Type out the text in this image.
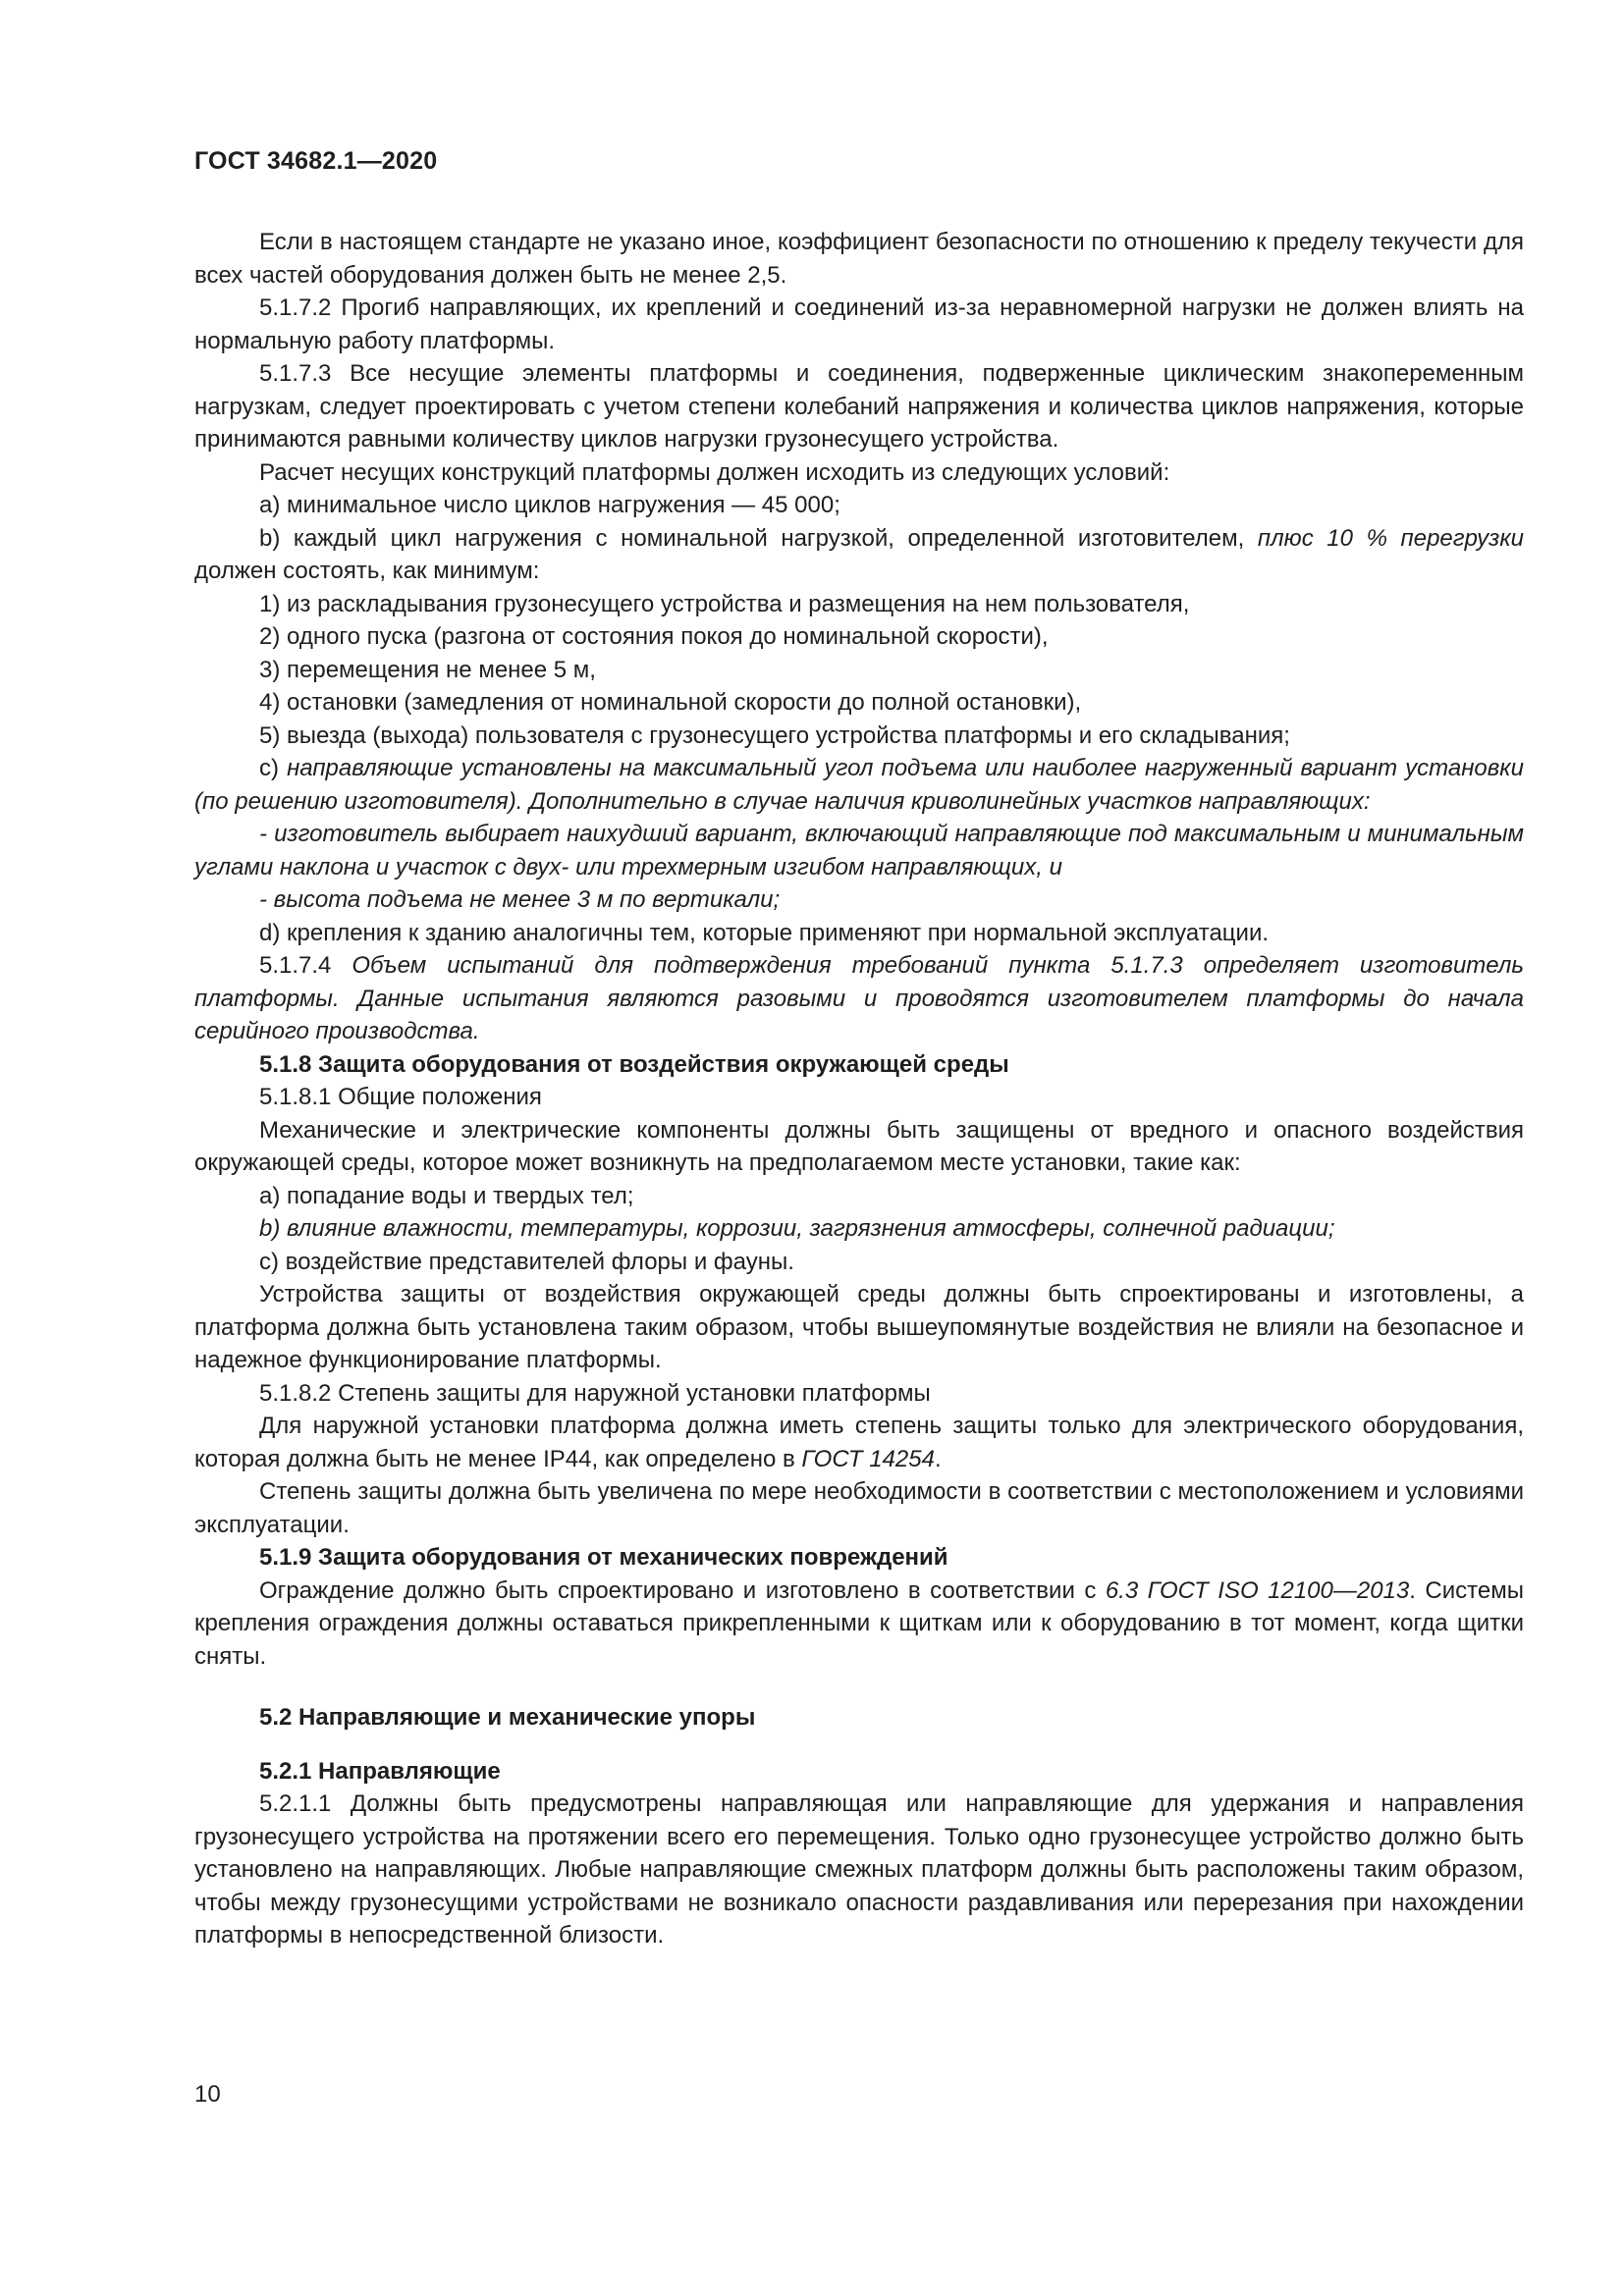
ГОСТ 34682.1—2020

Если в настоящем стандарте не указано иное, коэффициент безопасности по отношению к пределу текучести для всех частей оборудования должен быть не менее 2,5.

5.1.7.2 Прогиб направляющих, их креплений и соединений из-за неравномерной нагрузки не должен влиять на нормальную работу платформы.

5.1.7.3 Все несущие элементы платформы и соединения, подверженные циклическим знакопеременным нагрузкам, следует проектировать с учетом степени колебаний напряжения и количества циклов напряжения, которые принимаются равными количеству циклов нагрузки грузонесущего устройства.

Расчет несущих конструкций платформы должен исходить из следующих условий:

a) минимальное число циклов нагружения — 45 000;

b) каждый цикл нагружения с номинальной нагрузкой, определенной изготовителем, плюс 10 % перегрузки должен состоять, как минимум:

1) из раскладывания грузонесущего устройства и размещения на нем пользователя,

2) одного пуска (разгона от состояния покоя до номинальной скорости),

3) перемещения не менее 5 м,

4) остановки (замедления от номинальной скорости до полной остановки),

5) выезда (выхода) пользователя с грузонесущего устройства платформы и его складывания;

c) направляющие установлены на максимальный угол подъема или наиболее нагруженный вариант установки (по решению изготовителя). Дополнительно в случае наличия криволинейных участков направляющих:

- изготовитель выбирает наихудший вариант, включающий направляющие под максимальным и минимальным углами наклона и участок с двух- или трехмерным изгибом направляющих, и

- высота подъема не менее 3 м по вертикали;

d) крепления к зданию аналогичны тем, которые применяют при нормальной эксплуатации.

5.1.7.4 Объем испытаний для подтверждения требований пункта 5.1.7.3 определяет изготовитель платформы. Данные испытания являются разовыми и проводятся изготовителем платформы до начала серийного производства.

5.1.8 Защита оборудования от воздействия окружающей среды

5.1.8.1 Общие положения

Механические и электрические компоненты должны быть защищены от вредного и опасного воздействия окружающей среды, которое может возникнуть на предполагаемом месте установки, такие как:

a) попадание воды и твердых тел;

b) влияние влажности, температуры, коррозии, загрязнения атмосферы, солнечной радиации;

c) воздействие представителей флоры и фауны.

Устройства защиты от воздействия окружающей среды должны быть спроектированы и изготовлены, а платформа должна быть установлена таким образом, чтобы вышеупомянутые воздействия не влияли на безопасное и надежное функционирование платформы.

5.1.8.2 Степень защиты для наружной установки платформы

Для наружной установки платформа должна иметь степень защиты только для электрического оборудования, которая должна быть не менее IP44, как определено в ГОСТ 14254.

Степень защиты должна быть увеличена по мере необходимости в соответствии с местоположением и условиями эксплуатации.

5.1.9 Защита оборудования от механических повреждений

Ограждение должно быть спроектировано и изготовлено в соответствии с 6.3 ГОСТ ISO 12100—2013. Системы крепления ограждения должны оставаться прикрепленными к щиткам или к оборудованию в тот момент, когда щитки сняты.

5.2 Направляющие и механические упоры

5.2.1 Направляющие

5.2.1.1 Должны быть предусмотрены направляющая или направляющие для удержания и направления грузонесущего устройства на протяжении всего его перемещения. Только одно грузонесущее устройство должно быть установлено на направляющих. Любые направляющие смежных платформ должны быть расположены таким образом, чтобы между грузонесущими устройствами не возникало опасности раздавливания или перерезания при нахождении платформы в непосредственной близости.

10
